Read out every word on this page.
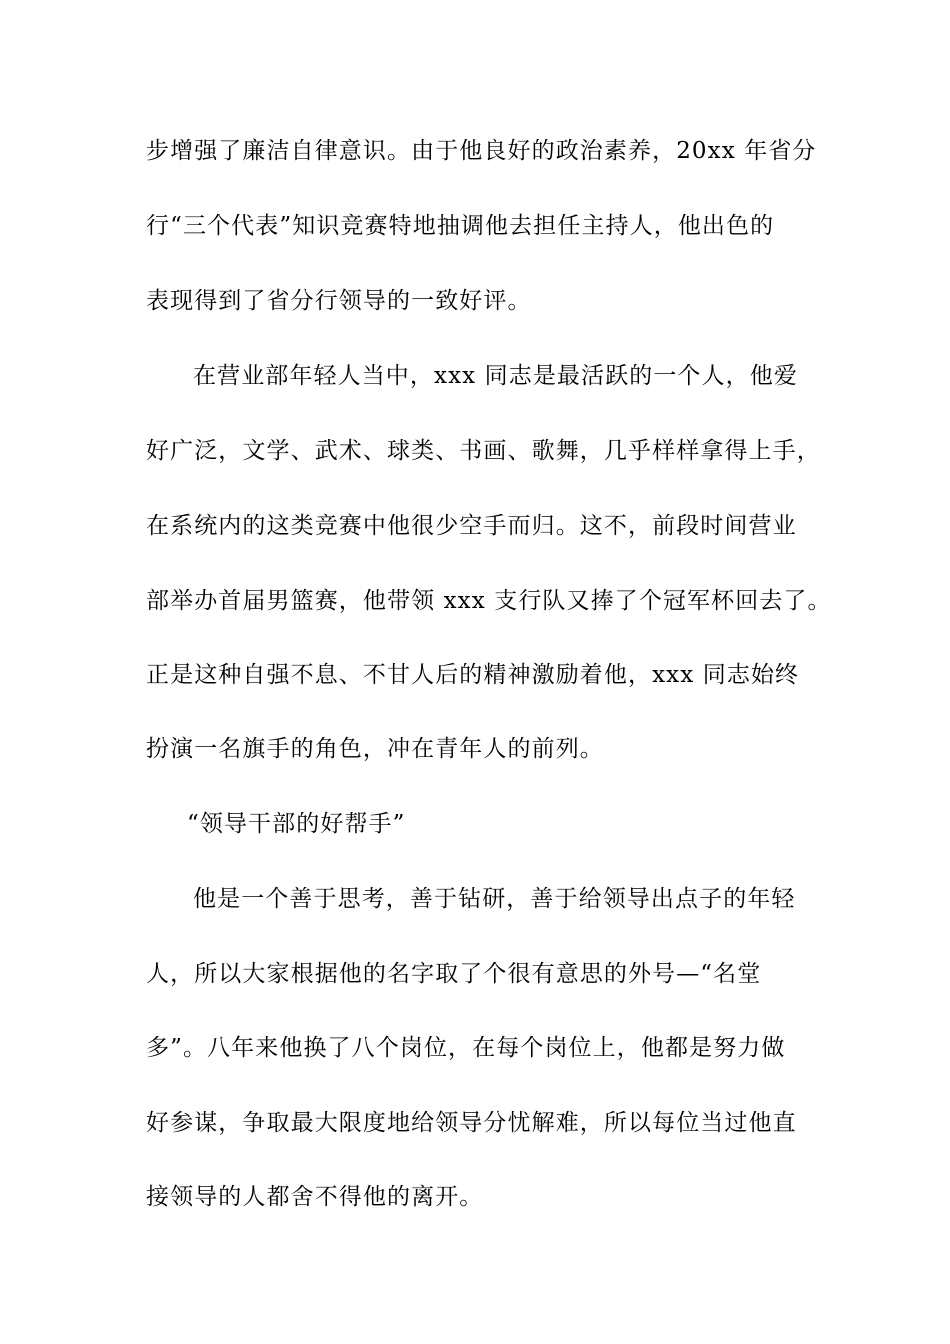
步增强了廉洁自律意识。由于他良好的政治素养，20xx 年省分
行“三个代表”知识竞赛特地抽调他去担任主持人，他出色的
表现得到了省分行领导的一致好评。
在营业部年轻人当中，xxx 同志是最活跃的一个人，他爱
好广泛，文学、武术、球类、书画、歌舞，几乎样样拿得上手，
在系统内的这类竞赛中他很少空手而归。这不，前段时间营业
部举办首届男篮赛，他带领 xxx 支行队又捧了个冠军杯回去了。
正是这种自强不息、不甘人后的精神激励着他，xxx 同志始终
扮演一名旗手的角色，冲在青年人的前列。
“领导干部的好帮手”
他是一个善于思考，善于钻研，善于给领导出点子的年轻
人，所以大家根据他的名字取了个很有意思的外号—“名堂
多”。八年来他换了八个岗位，在每个岗位上，他都是努力做
好参谋，争取最大限度地给领导分忧解难，所以每位当过他直
接领导的人都舍不得他的离开。
